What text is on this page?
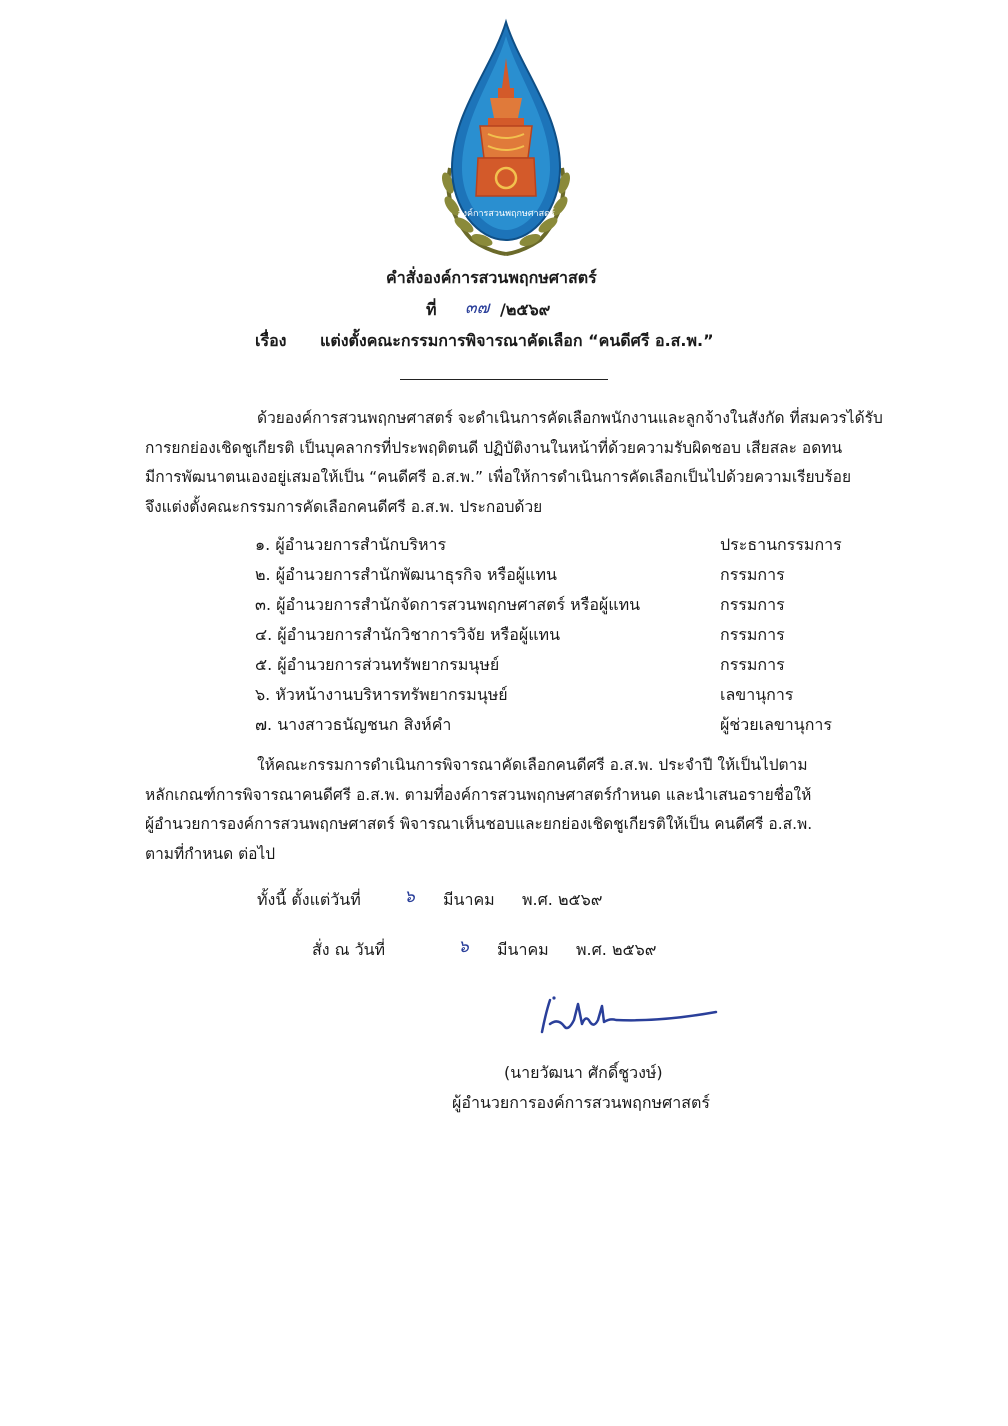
องค์การสวนพฤกษศาสตร์
คำสั่งองค์การสวนพฤกษศาสตร์
ที่ ๓๗ /๒๕๖๙
เรื่อง แต่งตั้งคณะกรรมการพิจารณาคัดเลือก “คนดีศรี อ.ส.พ.”
ด้วยองค์การสวนพฤกษศาสตร์ จะดำเนินการคัดเลือกพนักงานและลูกจ้างในสังกัด ที่สมควรได้รับ
การยกย่องเชิดชูเกียรติ เป็นบุคลากรที่ประพฤติตนดี ปฏิบัติงานในหน้าที่ด้วยความรับผิดชอบ เสียสละ อดทน
มีการพัฒนาตนเองอยู่เสมอให้เป็น “คนดีศรี อ.ส.พ.” เพื่อให้การดำเนินการคัดเลือกเป็นไปด้วยความเรียบร้อย
จึงแต่งตั้งคณะกรรมการคัดเลือกคนดีศรี อ.ส.พ. ประกอบด้วย
๑. ผู้อำนวยการสำนักบริหาร	ประธานกรรมการ
๒. ผู้อำนวยการสำนักพัฒนาธุรกิจ หรือผู้แทน	กรรมการ
๓. ผู้อำนวยการสำนักจัดการสวนพฤกษศาสตร์ หรือผู้แทน	กรรมการ
๔. ผู้อำนวยการสำนักวิชาการวิจัย หรือผู้แทน	กรรมการ
๕. ผู้อำนวยการส่วนทรัพยากรมนุษย์	กรรมการ
๖. หัวหน้างานบริหารทรัพยากรมนุษย์	เลขานุการ
๗. นางสาวธนัญชนก สิงห์คำ	ผู้ช่วยเลขานุการ
ให้คณะกรรมการดำเนินการพิจารณาคัดเลือกคนดีศรี อ.ส.พ. ประจำปี ให้เป็นไปตาม
หลักเกณฑ์การพิจารณาคนดีศรี อ.ส.พ. ตามที่องค์การสวนพฤกษศาสตร์กำหนด และนำเสนอรายชื่อให้
ผู้อำนวยการองค์การสวนพฤกษศาสตร์ พิจารณาเห็นชอบและยกย่องเชิดชูเกียรติให้เป็น คนดีศรี อ.ส.พ.
ตามที่กำหนด ต่อไป
ทั้งนี้ ตั้งแต่วันที่	๖ มีนาคม พ.ศ. ๒๕๖๙
สั่ง ณ วันที่	๖ มีนาคม พ.ศ. ๒๕๖๙
(นายวัฒนา ศักดิ์ชูวงษ์)
ผู้อำนวยการองค์การสวนพฤกษศาสตร์
